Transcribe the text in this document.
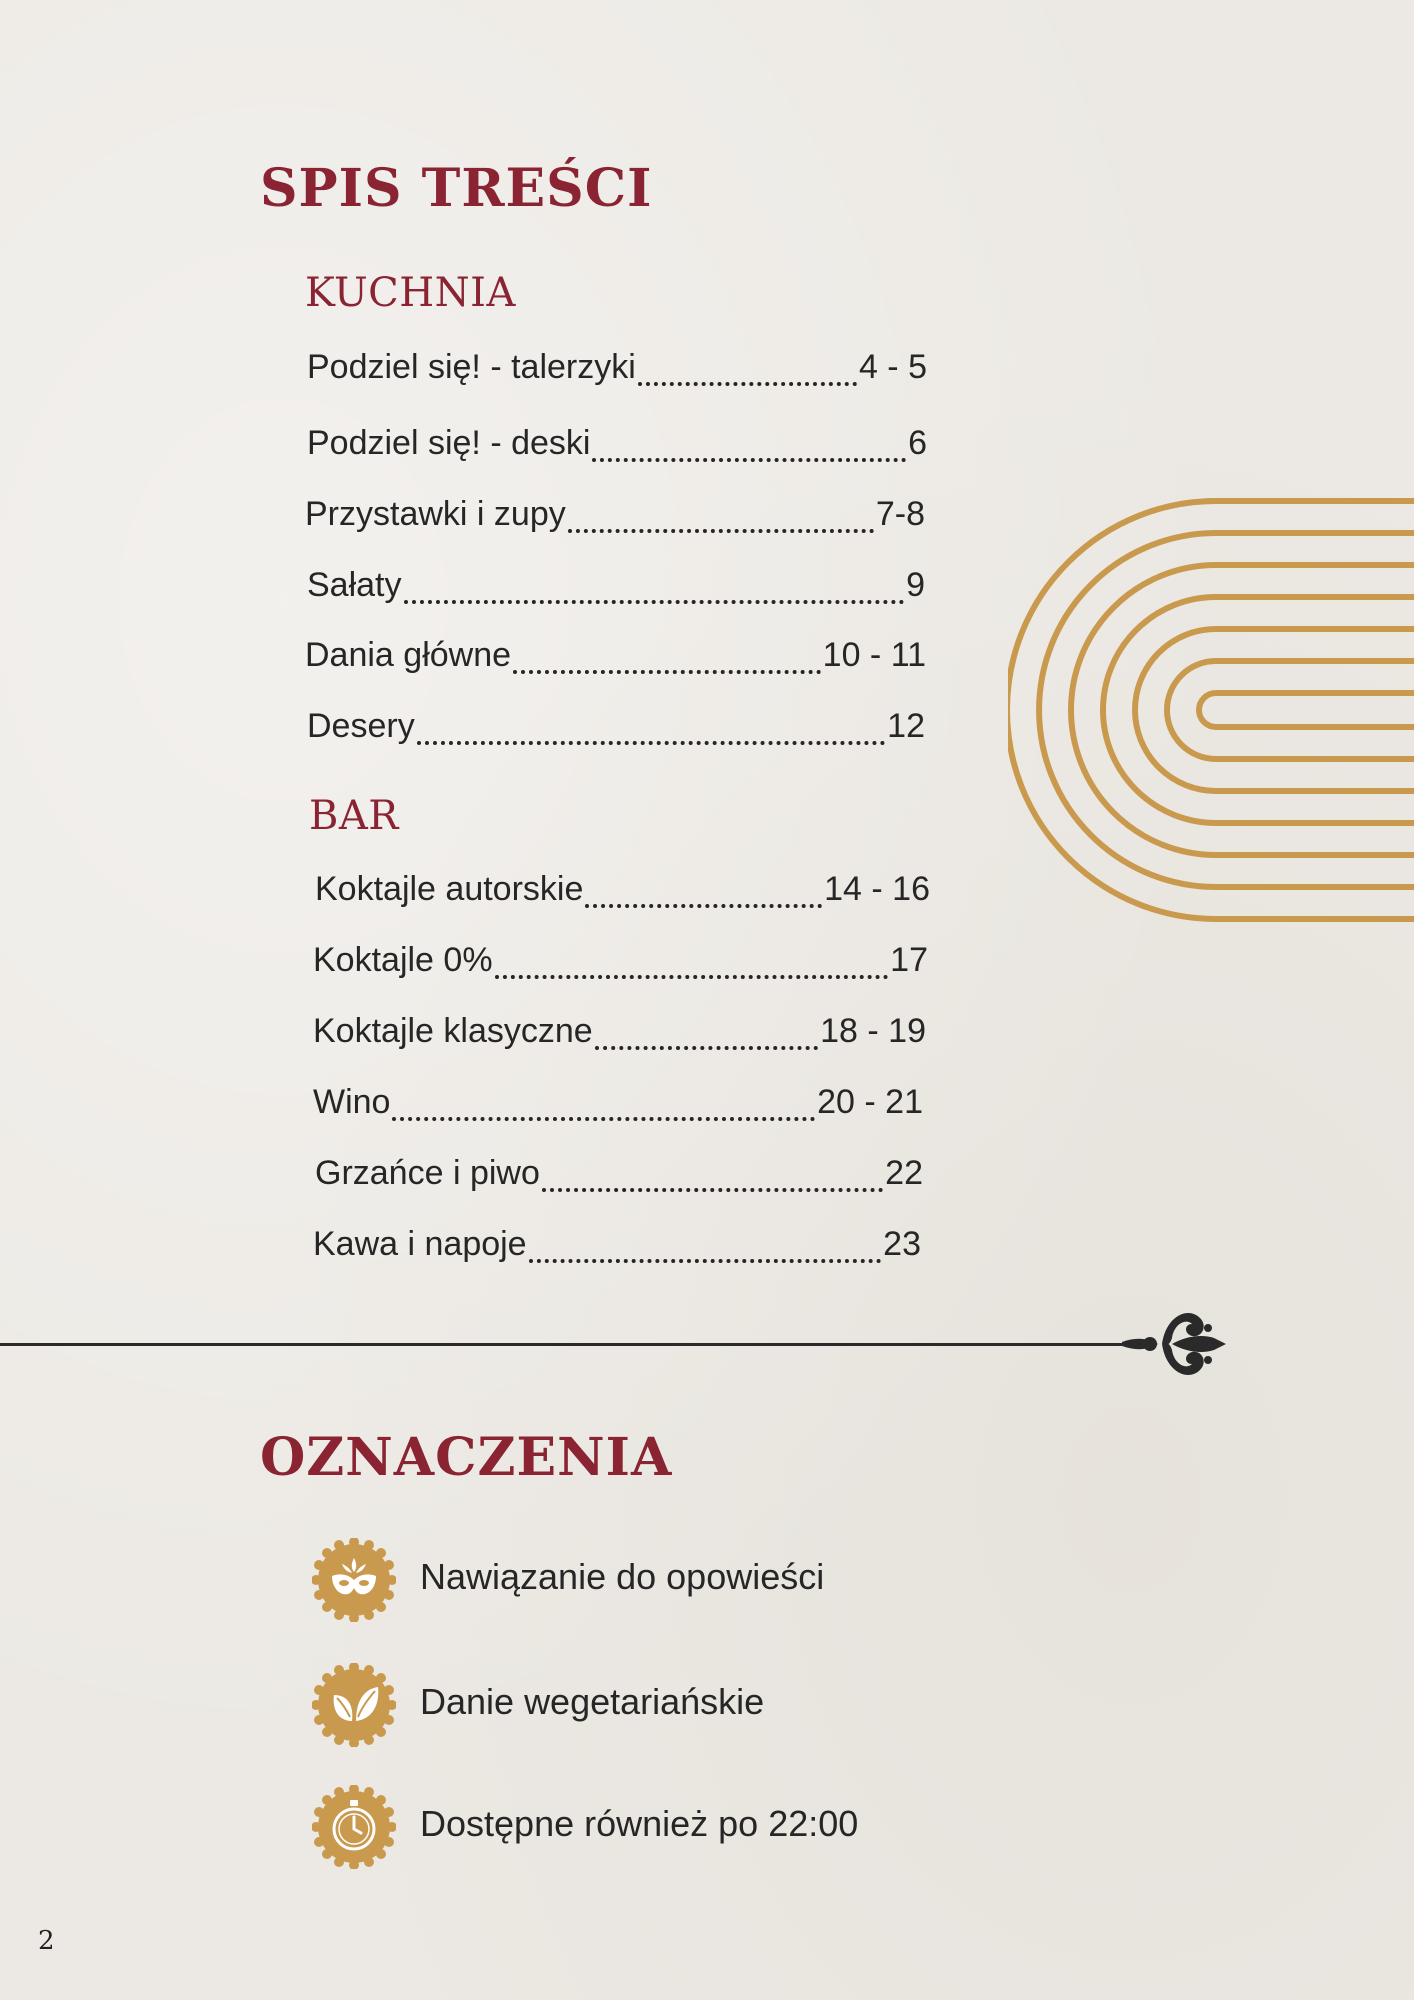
SPIS TREŚCI
KUCHNIA
Podziel się! - talerzyki	4 - 5
Podziel się! - deski	6
Przystawki i zupy	7-8
Sałaty	9
Dania główne	10 - 11
Desery	12
BAR
Koktajle autorskie	14 - 16
Koktajle 0%	17
Koktajle klasyczne	18 - 19
Wino	20 - 21
Grzańce i piwo	22
Kawa i napoje	23
OZNACZENIA
Nawiązanie do opowieści
Danie wegetariańskie
Dostępne również po 22:00
2
